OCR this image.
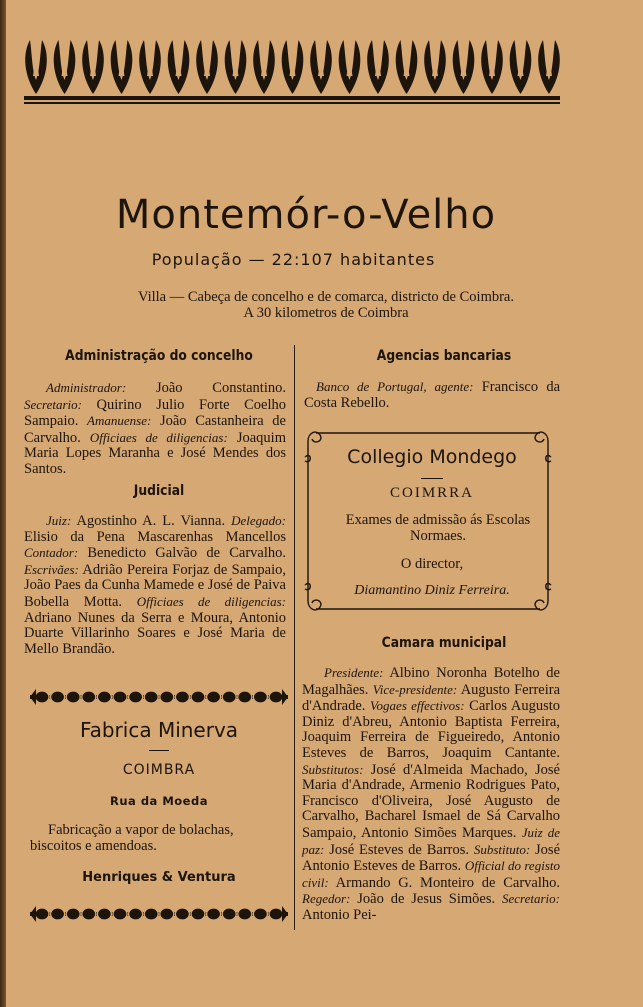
Montemór-o-Velho
População — 22:107 habitantes
Villa — Cabeça de concelho e de comarca, districto de Coimbra.
A 30 kilometros de Coimbra
Administração do concelho

Administrador: João Constantino. Secretario: Quirino Julio Forte Coelho Sampaio. Amanuense: João Castanheira de Carvalho. Officiaes de diligencias: Joaquim Maria Lopes Maranha e José Mendes dos Santos.

Judicial

Juiz: Agostinho A. L. Vianna. Delegado: Elisio da Pena Mascarenhas Mancellos Contador: Benedicto Galvão de Carvalho. Escrivães: Adrião Pereira Forjaz de Sampaio, João Paes da Cunha Mamede e José de Paiva Bobella Motta. Officiaes de diligencias: Adriano Nunes da Serra e Moura, Antonio Duarte Villarinho Soares e José Maria de Mello Brandão.

Fabrica Minerva
COIMBRA
Rua da Moeda
Fabricação a vapor de bolachas, biscoitos e amendoas.
Henriques & Ventura
Agencias bancarias

Banco de Portugal, agente: Francisco da Costa Rebello.

Collegio Mondego
COIMRRA
Exames de admissão ás Escolas Normaes.
O director,
Diamantino Diniz Ferreira.
Camara municipal

Presidente: Albino Noronha Botelho de Magalhães. Vice-presidente: Augusto Ferreira d'Andrade. Vogaes effectivos: Carlos Augusto Diniz d'Abreu, Antonio Baptista Ferreira, Joaquim Ferreira de Figueiredo, Antonio Esteves de Barros, Joaquim Cantante. Substitutos: José d'Almeida Machado, José Maria d'Andrade, Armenio Rodrigues Pato, Francisco d'Oliveira, José Augusto de Carvalho, Bacharel Ismael de Sá Carvalho Sampaio, Antonio Simões Marques. Juiz de paz: José Esteves de Barros. Substituto: José Antonio Esteves de Barros. Official do registo civil: Armando G. Monteiro de Carvalho. Regedor: João de Jesus Simões. Secretario: Antonio Pei-
